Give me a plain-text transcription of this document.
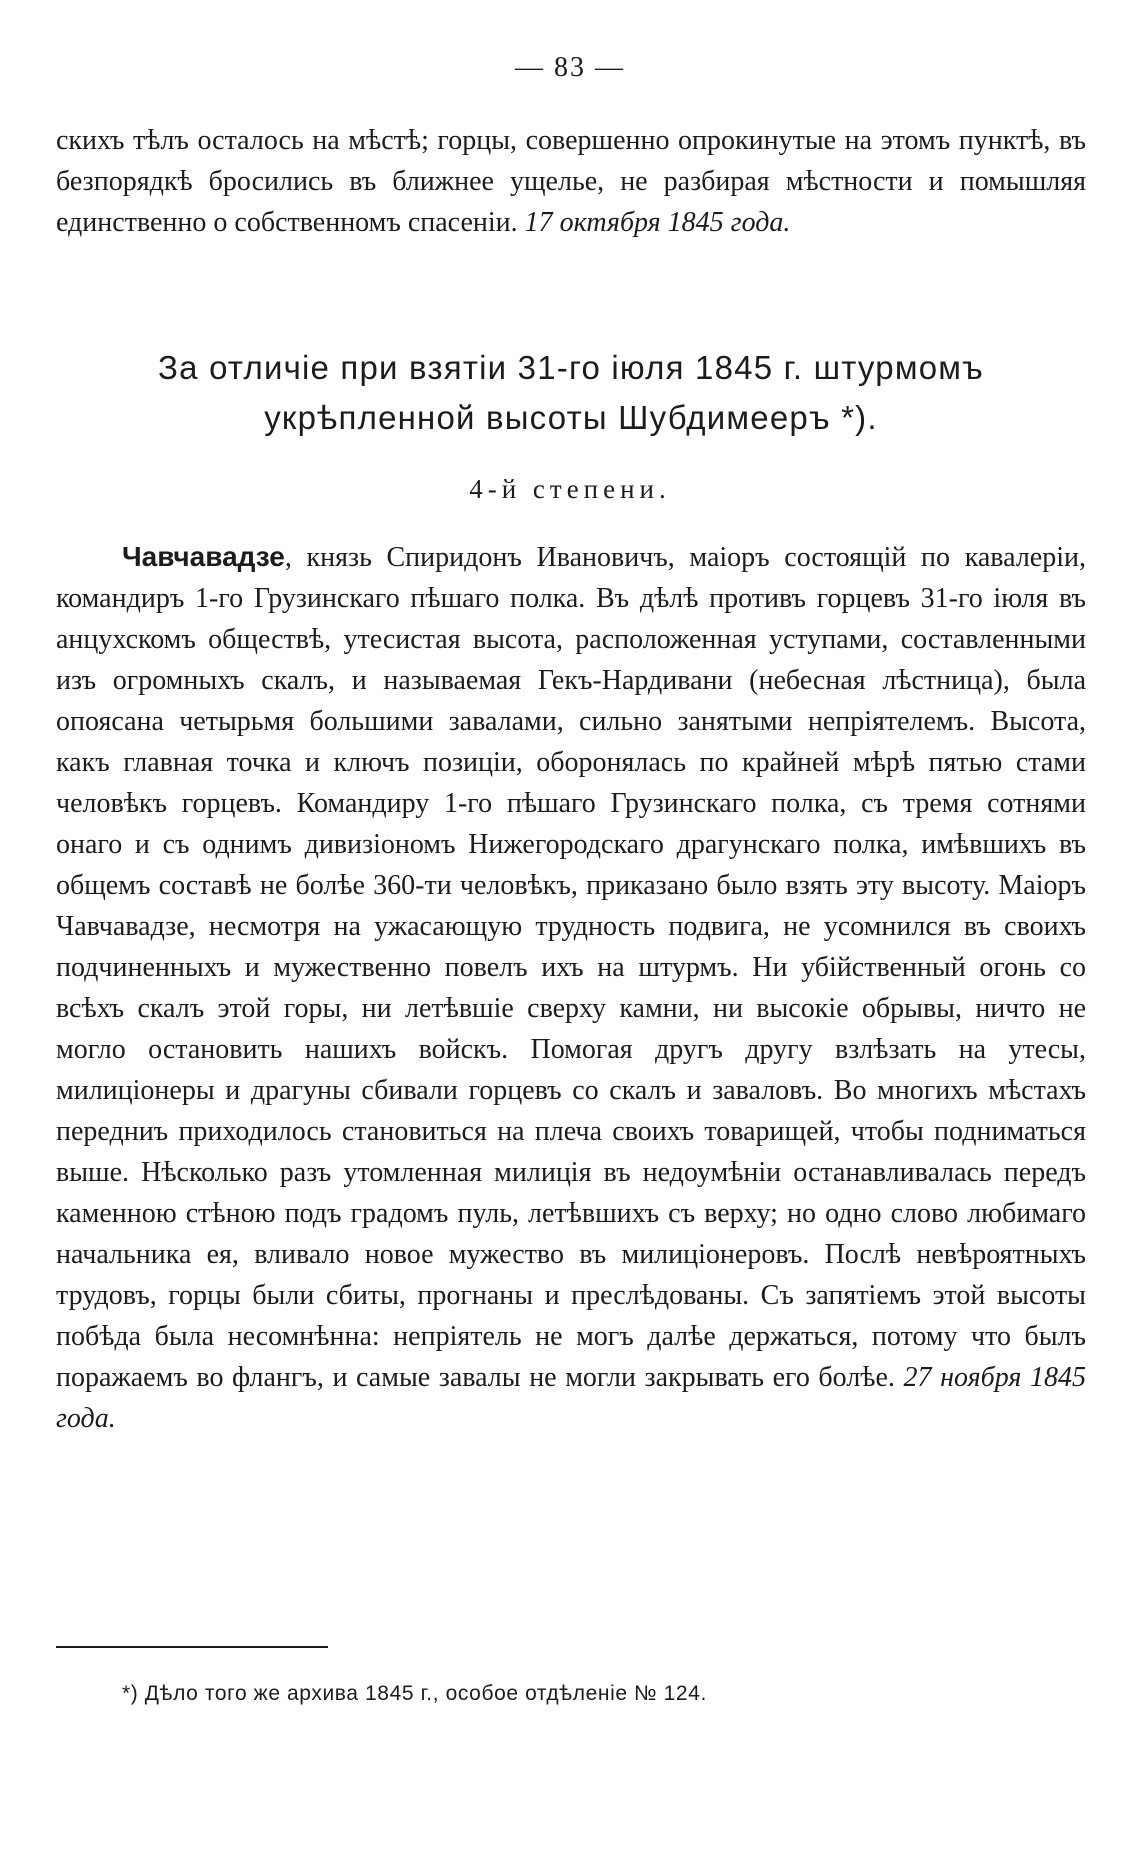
— 83 —
скихъ тѣлъ осталось на мѣстѣ; горцы, совершенно опрокинутые на этомъ пунктѣ, въ безпорядкѣ бросились въ ближнее ущелье, не разбирая мѣстности и помышляя единственно о собственномъ спасеніи. 17 октября 1845 года.
За отличіе при взятіи 31-го іюля 1845 г. штурмомъ укрѣпленной высоты Шубдимееръ *).
4-й степени.

Чавчавадзе, князь Спиридонъ Ивановичъ, маіоръ состоящій по кавалеріи, командиръ 1-го Грузинскаго пѣшаго полка. Въ дѣлѣ противъ горцевъ 31-го іюля въ анцухскомъ обществѣ, утесистая высота, расположенная уступами, составленными изъ огромныхъ скалъ, и называемая Гекъ-Нардивани (небесная лѣстница), была опоясана четырьмя большими завалами, сильно занятыми непріятелемъ. Высота, какъ главная точка и ключъ позиціи, оборонялась по крайней мѣрѣ пятью стами человѣкъ горцевъ. Командиру 1-го пѣшаго Грузинскаго полка, съ тремя сотнями онаго и съ однимъ дивизіономъ Нижегородскаго драгунскаго полка, имѣвшихъ въ общемъ составѣ не болѣе 360-ти человѣкъ, приказано было взять эту высоту. Маіоръ Чавчавадзе, несмотря на ужасающую трудность подвига, не усомнился въ своихъ подчиненныхъ и мужественно повелъ ихъ на штурмъ. Ни убійственный огонь со всѣхъ скалъ этой горы, ни летѣвшіе сверху камни, ни высокіе обрывы, ничто не могло остановить нашихъ войскъ. Помогая другъ другу взлѣзать на утесы, милиціонеры и драгуны сбивали горцевъ со скалъ и заваловъ. Во многихъ мѣстахъ передниъ приходилось становиться на плеча своихъ товарищей, чтобы подниматься выше. Нѣсколько разъ утомленная милиція въ недоумѣніи останавливалась передъ каменною стѣною подъ градомъ пуль, летѣвшихъ съ верху; но одно слово любимаго начальника ея, вливало новое мужество въ милиціонеровъ. Послѣ невѣроятныхъ трудовъ, горцы были сбиты, прогнаны и преслѣдованы. Съ запятіемъ этой высоты побѣда была несомнѣнна: непріятель не могъ далѣе держаться, потому что былъ поражаемъ во флангъ, и самые завалы не могли закрывать его болѣе. 27 ноября 1845 года.

*) Дѣло того же архива 1845 г., особое отдѣленіе № 124.
